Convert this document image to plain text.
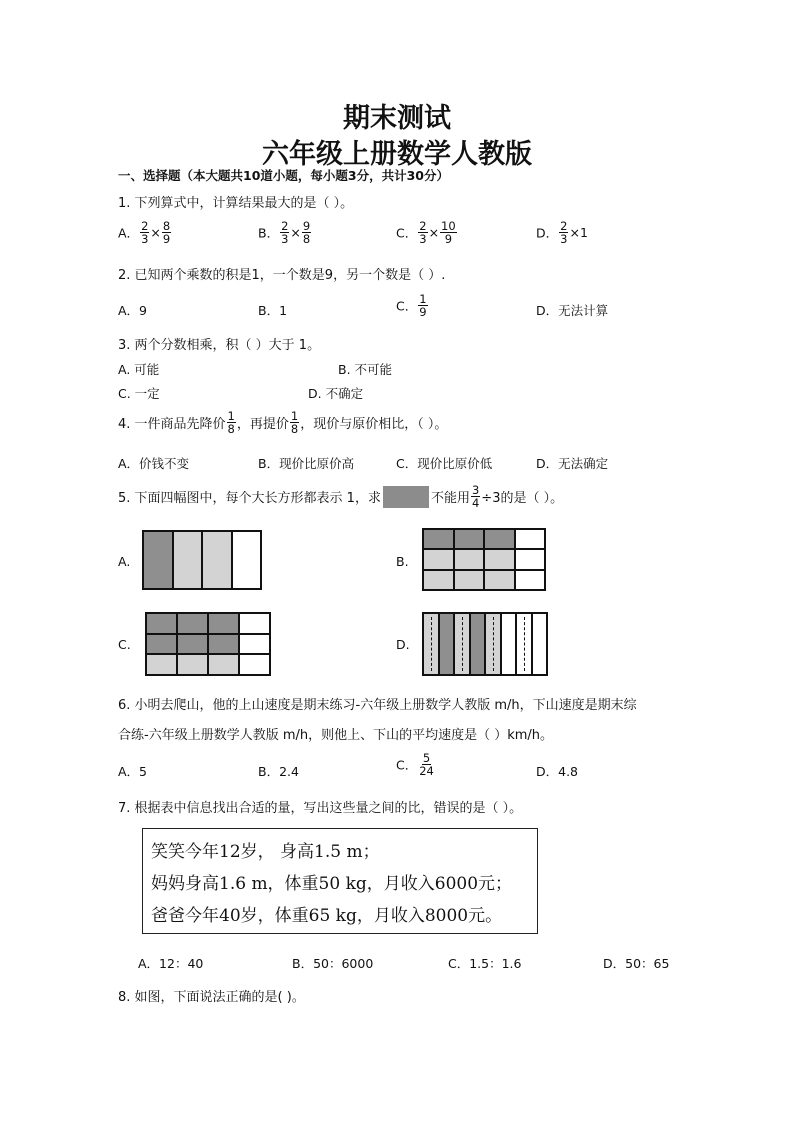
期末测试
六年级上册数学人教版
一、选择题（本大题共10道小题，每小题3分，共计30分）
1. 下列算式中，计算结果最大的是（ ）。
A． $\frac{2}{3} \times \frac{8}{9}$	B． $\frac{2}{3} \times \frac{9}{8}$	C． $\frac{2}{3} \times \frac{10}{9}$	D． $\frac{2}{3} \times 1$
2. 已知两个乘数的积是1，一个数是9，另一个数是（ ）.
A．9	B．1	C． $\frac{1}{9}$	D．无法计算
3. 两个分数相乘，积（ ）大于 1。
A. 可能	B. 不可能
C. 一定	D. 不确定
4. 一件商品先降价 $\frac{1}{8}$ ，再提价 $\frac{1}{8}$ ，现价与原价相比，（ ）。
A．价钱不变	B．现价比原价高	C．现价比原价低	D．无法确定
5. 下面四幅图中，每个大长方形都表示 1，求	不能用 $\frac{3}{4} \div 3$的是（ ）。
A.	B.
C.	D.
6. 小明去爬山，他的上山速度是期末练习-六年级上册数学人教版 m/h，下山速度是期末综
合练-六年级上册数学人教版 m/h，则他上、下山的平均速度是（ ）km/h。
A．5	B．2.4	C． $\frac{5}{24}$	D．4.8
7. 根据表中信息找出合适的量，写出这些量之间的比，错误的是（ ）。
笑笑今年12岁， 身高1.5 m；
妈妈身高1.6 m，体重50 kg，月收入6000元；
爸爸今年40岁，体重65 kg，月收入8000元。
A．12：40	B．50：6000	C．1.5：1.6	D．50：65
8. 如图，下面说法正确的是( )。
